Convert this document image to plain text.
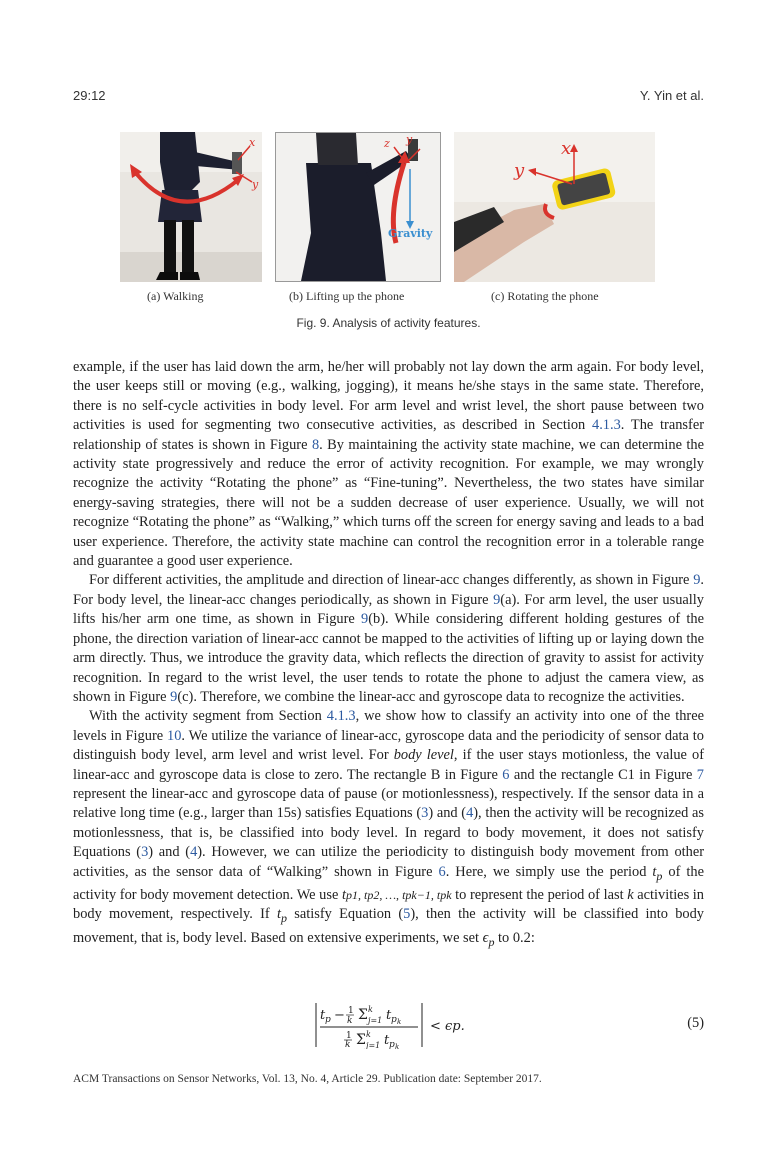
29:12	Y. Yin et al.
x
y
z y
Gravity
x
y
(a) Walking	(b) Lifting up the phone	(c) Rotating the phone
Fig. 9. Analysis of activity features.

example, if the user has laid down the arm, he/her will probably not lay down the arm again. For body level, the user keeps still or moving (e.g., walking, jogging), it means he/she stays in the same state. Therefore, there is no self-cycle activities in body level. For arm level and wrist level, the short pause between two activities is used for segmenting two consecutive activities, as described in Section 4.1.3. The transfer relationship of states is shown in Figure 8. By maintaining the activity state machine, we can determine the activity state progressively and reduce the error of activity recognition. For example, we may wrongly recognize the activity “Rotating the phone” as “Fine-tuning”. Nevertheless, the two states have similar energy-saving strategies, there will not be a sudden decrease of user experience. Usually, we will not recognize “Rotating the phone” as “Walking,” which turns off the screen for energy saving and leads to a bad user experience. Therefore, the activity state machine can control the recognition error in a tolerable range and guarantee a good user experience.

For different activities, the amplitude and direction of linear-acc changes differently, as shown in Figure 9. For body level, the linear-acc changes periodically, as shown in Figure 9(a). For arm level, the user usually lifts his/her arm one time, as shown in Figure 9(b). While considering different holding gestures of the phone, the direction variation of linear-acc cannot be mapped to the activities of lifting up or laying down the arm directly. Thus, we introduce the gravity data, which reflects the direction of gravity to assist for activity recognition. In regard to the wrist level, the user tends to rotate the phone to adjust the camera view, as shown in Figure 9(c). Therefore, we combine the linear-acc and gyroscope data to recognize the activities.

With the activity segment from Section 4.1.3, we show how to classify an activity into one of the three levels in Figure 10. We utilize the variance of linear-acc, gyroscope data and the periodicity of sensor data to distinguish body level, arm level and wrist level. For body level, if the user stays motionless, the value of linear-acc and gyroscope data is close to zero. The rectangle B in Figure 6 and the rectangle C1 in Figure 7 represent the linear-acc and gyroscope data of pause (or motionlessness), respectively. If the sensor data in a relative long time (e.g., larger than 15s) satisfies Equations (3) and (4), then the activity will be recognized as motionlessness, that is, be classified into body level. In regard to body movement, it does not satisfy Equations (3) and (4). However, we can utilize the periodicity to distinguish body movement from other activities, as the sensor data of “Walking” shown in Figure 6. Here, we simply use the period $t_p$ of the activity for body movement detection. We use tp1, tp2, …, tpk−1, tpk to represent the period of last k activities in body movement, respectively. If $t_p$ satisfy Equation (5), then the activity will be classified into body movement, that is, body level. Based on extensive experiments, we set $\epsilon_p$ to 0.2:

t p − 1
k Σ k
j=1 t p k
1
k Σ k
j=1 t p k
< ϵp.	(5)
ACM Transactions on Sensor Networks, Vol. 13, No. 4, Article 29. Publication date: September 2017.
